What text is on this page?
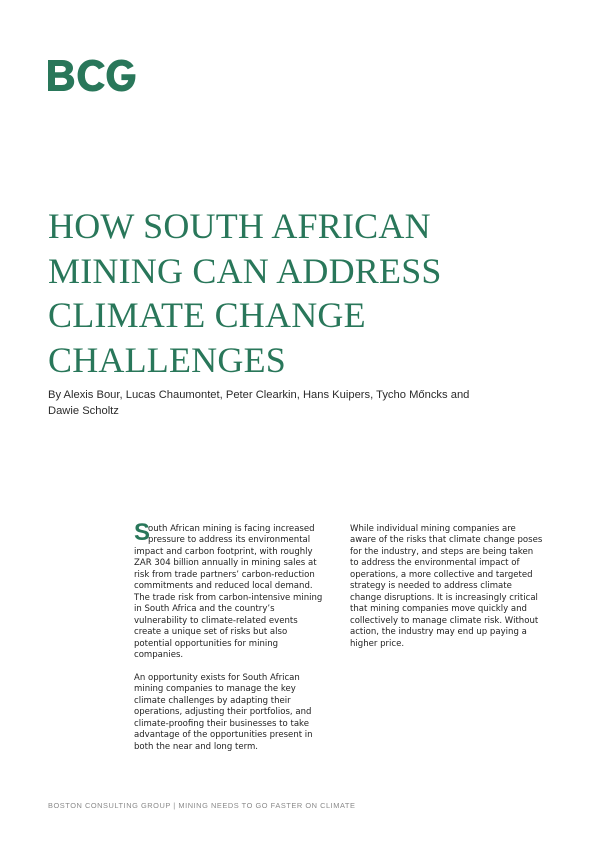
HOW SOUTH AFRICAN
MINING CAN ADDRESS
CLIMATE CHANGE
CHALLENGES
By Alexis Bour, Lucas Chaumontet, Peter Clearkin, Hans Kuipers, Tycho Mőncks and
Dawie Scholtz
S
outh African mining is facing increased
pressure to address its environmental
impact and carbon footprint, with roughly
ZAR 304 billion annually in mining sales at
risk from trade partners’ carbon-reduction
commitments and reduced local demand.
The trade risk from carbon-intensive mining
in South Africa and the country’s
vulnerability to climate-related events
create a unique set of risks but also
potential opportunities for mining
companies.
An opportunity exists for South African
mining companies to manage the key
climate challenges by adapting their
operations, adjusting their portfolios, and
climate-proofing their businesses to take
advantage of the opportunities present in
both the near and long term.
While individual mining companies are
aware of the risks that climate change poses
for the industry, and steps are being taken
to address the environmental impact of
operations, a more collective and targeted
strategy is needed to address climate
change disruptions. It is increasingly critical
that mining companies move quickly and
collectively to manage climate risk. Without
action, the industry may end up paying a
higher price.
BOSTON CONSULTING GROUP | MINING NEEDS TO GO FASTER ON CLIMATE
